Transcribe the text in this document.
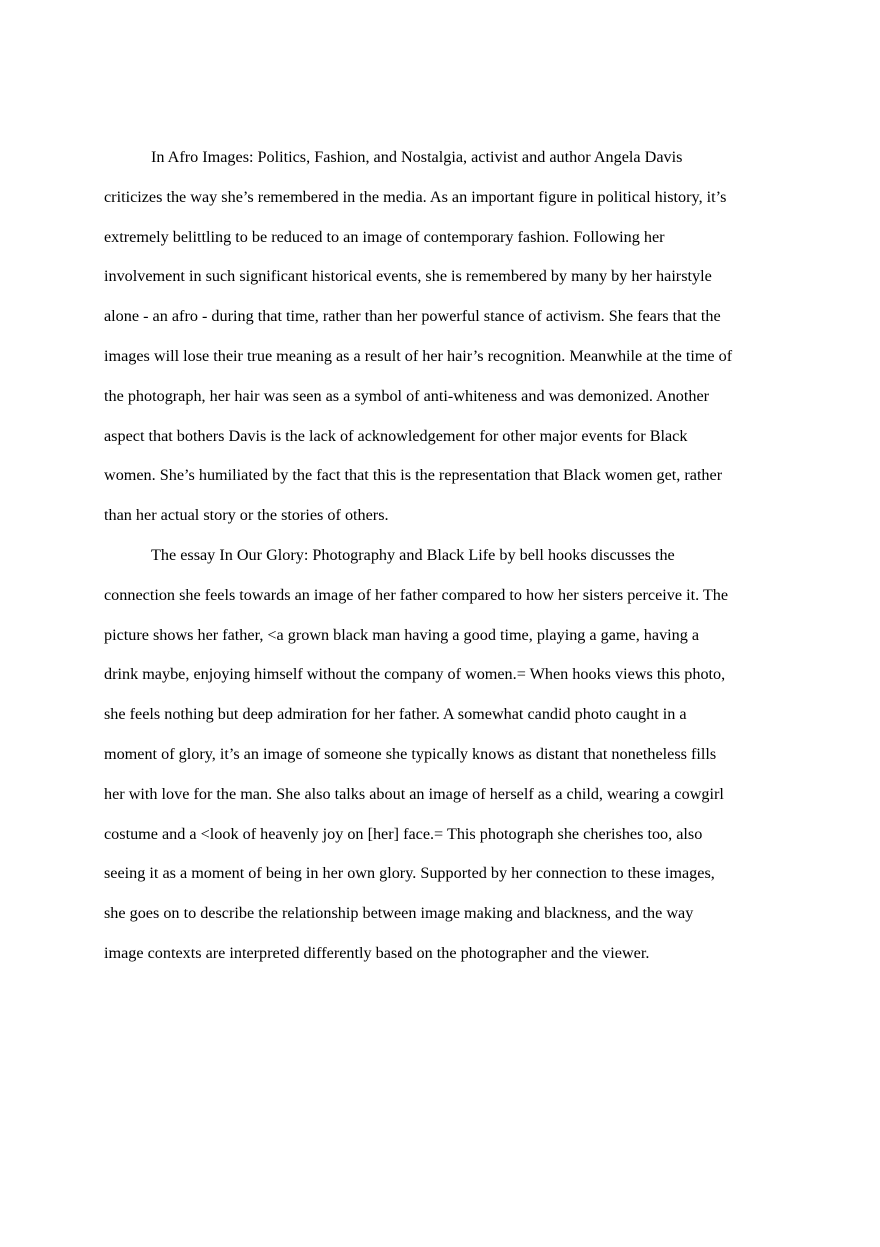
In Afro Images: Politics, Fashion, and Nostalgia, activist and author Angela Davis
criticizes the way she’s remembered in the media. As an important figure in political history, it’s
extremely belittling to be reduced to an image of contemporary fashion. Following her
involvement in such significant historical events, she is remembered by many by her hairstyle
alone - an afro - during that time, rather than her powerful stance of activism. She fears that the
images will lose their true meaning as a result of her hair’s recognition. Meanwhile at the time of
the photograph, her hair was seen as a symbol of anti-whiteness and was demonized. Another
aspect that bothers Davis is the lack of acknowledgement for other major events for Black
women. She’s humiliated by the fact that this is the representation that Black women get, rather
than her actual story or the stories of others.
The essay In Our Glory: Photography and Black Life by bell hooks discusses the
connection she feels towards an image of her father compared to how her sisters perceive it. The
picture shows her father, <a grown black man having a good time, playing a game, having a
drink maybe, enjoying himself without the company of women.= When hooks views this photo,
she feels nothing but deep admiration for her father. A somewhat candid photo caught in a
moment of glory, it’s an image of someone she typically knows as distant that nonetheless fills
her with love for the man. She also talks about an image of herself as a child, wearing a cowgirl
costume and a <look of heavenly joy on [her] face.= This photograph she cherishes too, also
seeing it as a moment of being in her own glory. Supported by her connection to these images,
she goes on to describe the relationship between image making and blackness, and the way
image contexts are interpreted differently based on the photographer and the viewer.
